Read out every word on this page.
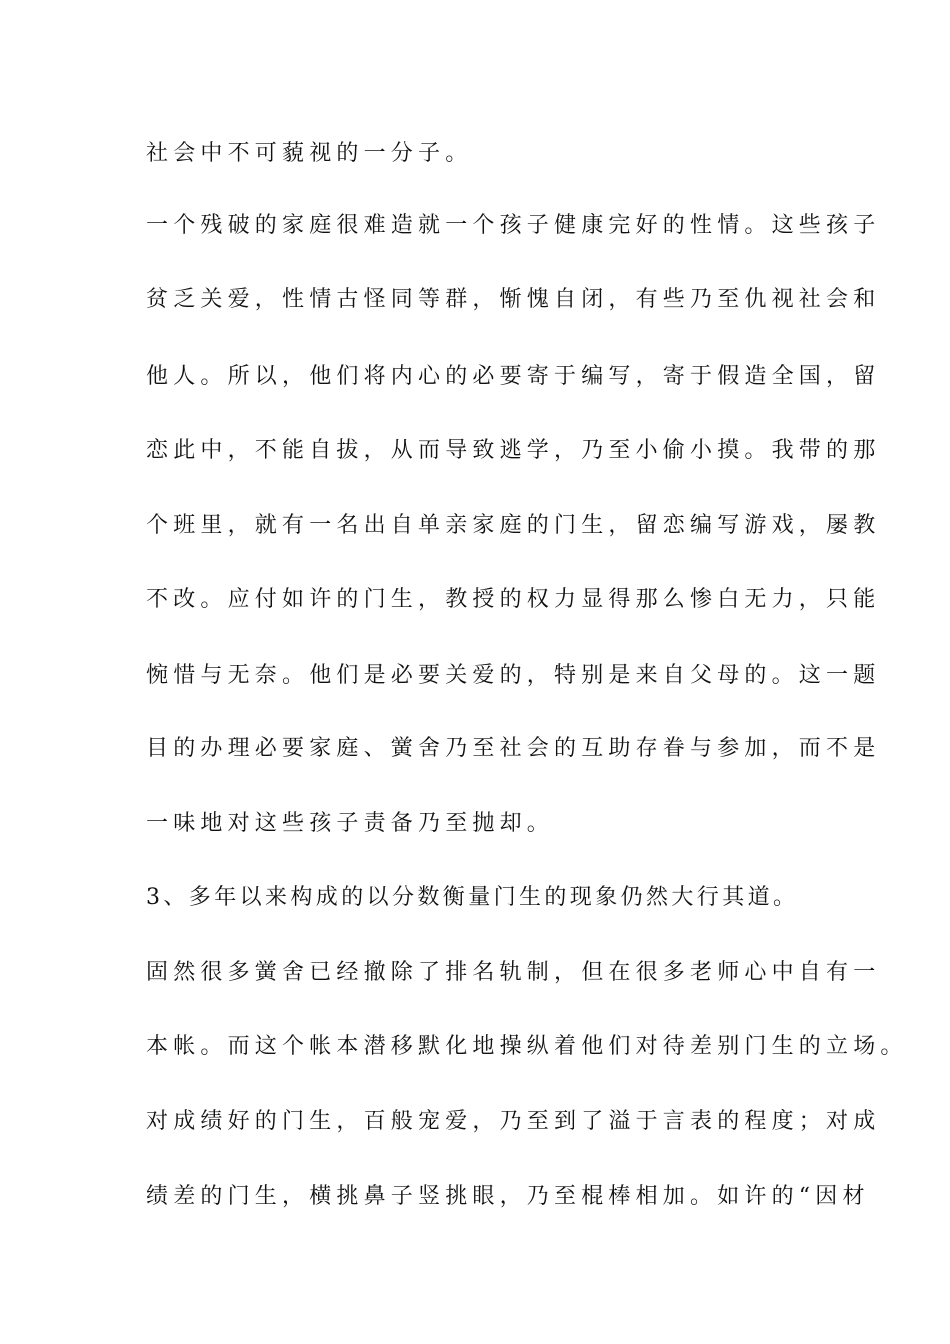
社会中不可藐视的一分子。
一个残破的家庭很难造就一个孩子健康完好的性情。这些孩子
贫乏关爱，性情古怪同等群，惭愧自闭，有些乃至仇视社会和
他人。所以，他们将内心的必要寄于编写，寄于假造全国，留
恋此中，不能自拔，从而导致逃学，乃至小偷小摸。我带的那
个班里，就有一名出自单亲家庭的门生，留恋编写游戏，屡教
不改。应付如许的门生，教授的权力显得那么惨白无力，只能
惋惜与无奈。他们是必要关爱的，特别是来自父母的。这一题
目的办理必要家庭、黉舍乃至社会的互助存眷与参加，而不是
一味地对这些孩子责备乃至抛却。
3、多年以来构成的以分数衡量门生的现象仍然大行其道。
固然很多黉舍已经撤除了排名轨制，但在很多老师心中自有一
本帐。而这个帐本潜移默化地操纵着他们对待差别门生的立场。
对成绩好的门生，百般宠爱，乃至到了溢于言表的程度；对成
绩差的门生，横挑鼻子竖挑眼，乃至棍棒相加。如许的“因材
